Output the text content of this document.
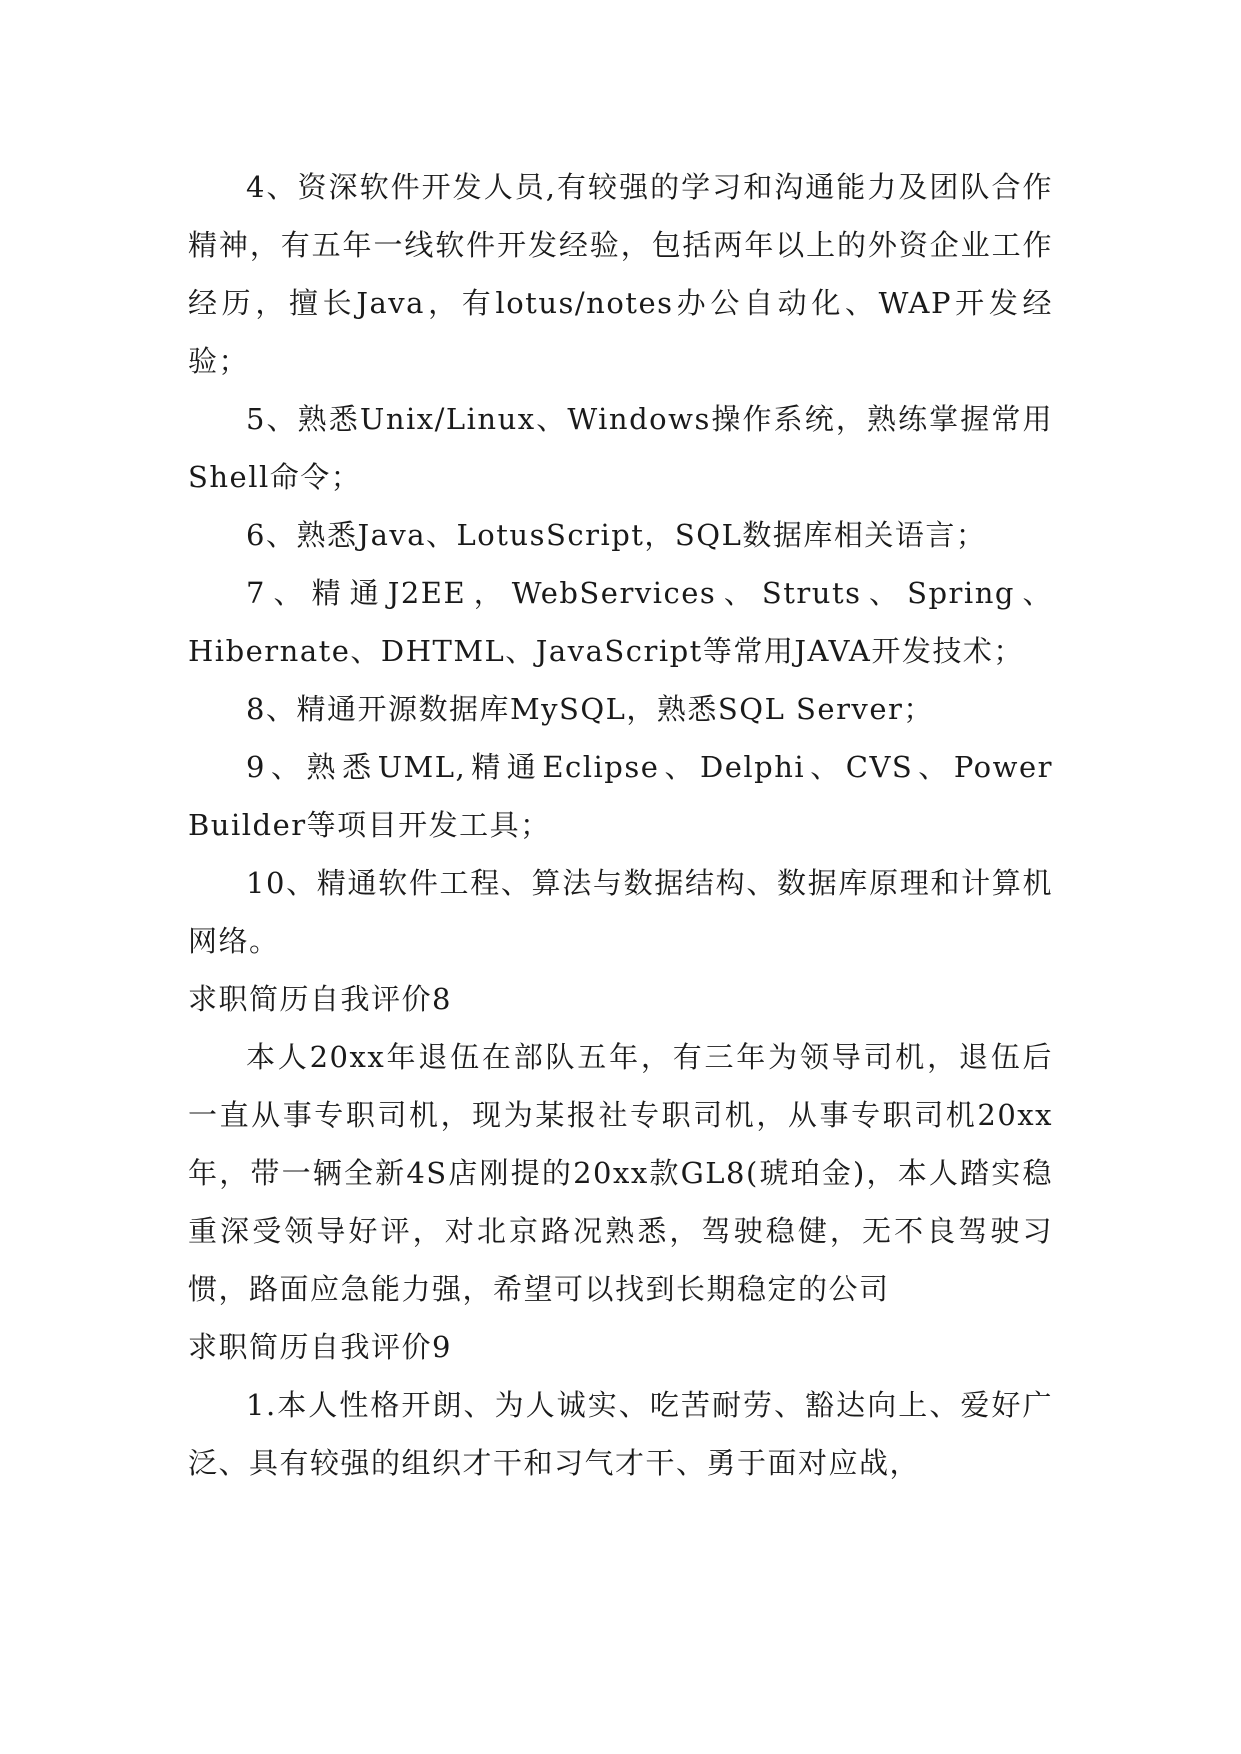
4、资深软件开发人员,有较强的学习和沟通能力及团队合作精神，有五年一线软件开发经验，包括两年以上的外资企业工作经历，擅长Java，有lotus/notes办公自动化、WAP开发经验；

5、熟悉Unix/Linux、Windows操作系统，熟练掌握常用Shell命令；

6、熟悉Java、LotusScript，SQL数据库相关语言；

7、精通J2EE，WebServices、Struts、Spring、Hibernate、DHTML、JavaScript等常用JAVA开发技术；

8、精通开源数据库MySQL，熟悉SQL Server；

9、熟悉UML,精通Eclipse、Delphi、CVS、Power Builder等项目开发工具；

10、精通软件工程、算法与数据结构、数据库原理和计算机网络。

求职简历自我评价8

本人20xx年退伍在部队五年，有三年为领导司机，退伍后一直从事专职司机，现为某报社专职司机，从事专职司机20xx年，带一辆全新4S店刚提的20xx款GL8(琥珀金)，本人踏实稳重深受领导好评，对北京路况熟悉，驾驶稳健，无不良驾驶习惯，路面应急能力强，希望可以找到长期稳定的公司

求职简历自我评价9

1.本人性格开朗、为人诚实、吃苦耐劳、豁达向上、爱好广泛、具有较强的组织才干和习气才干、勇于面对应战，
